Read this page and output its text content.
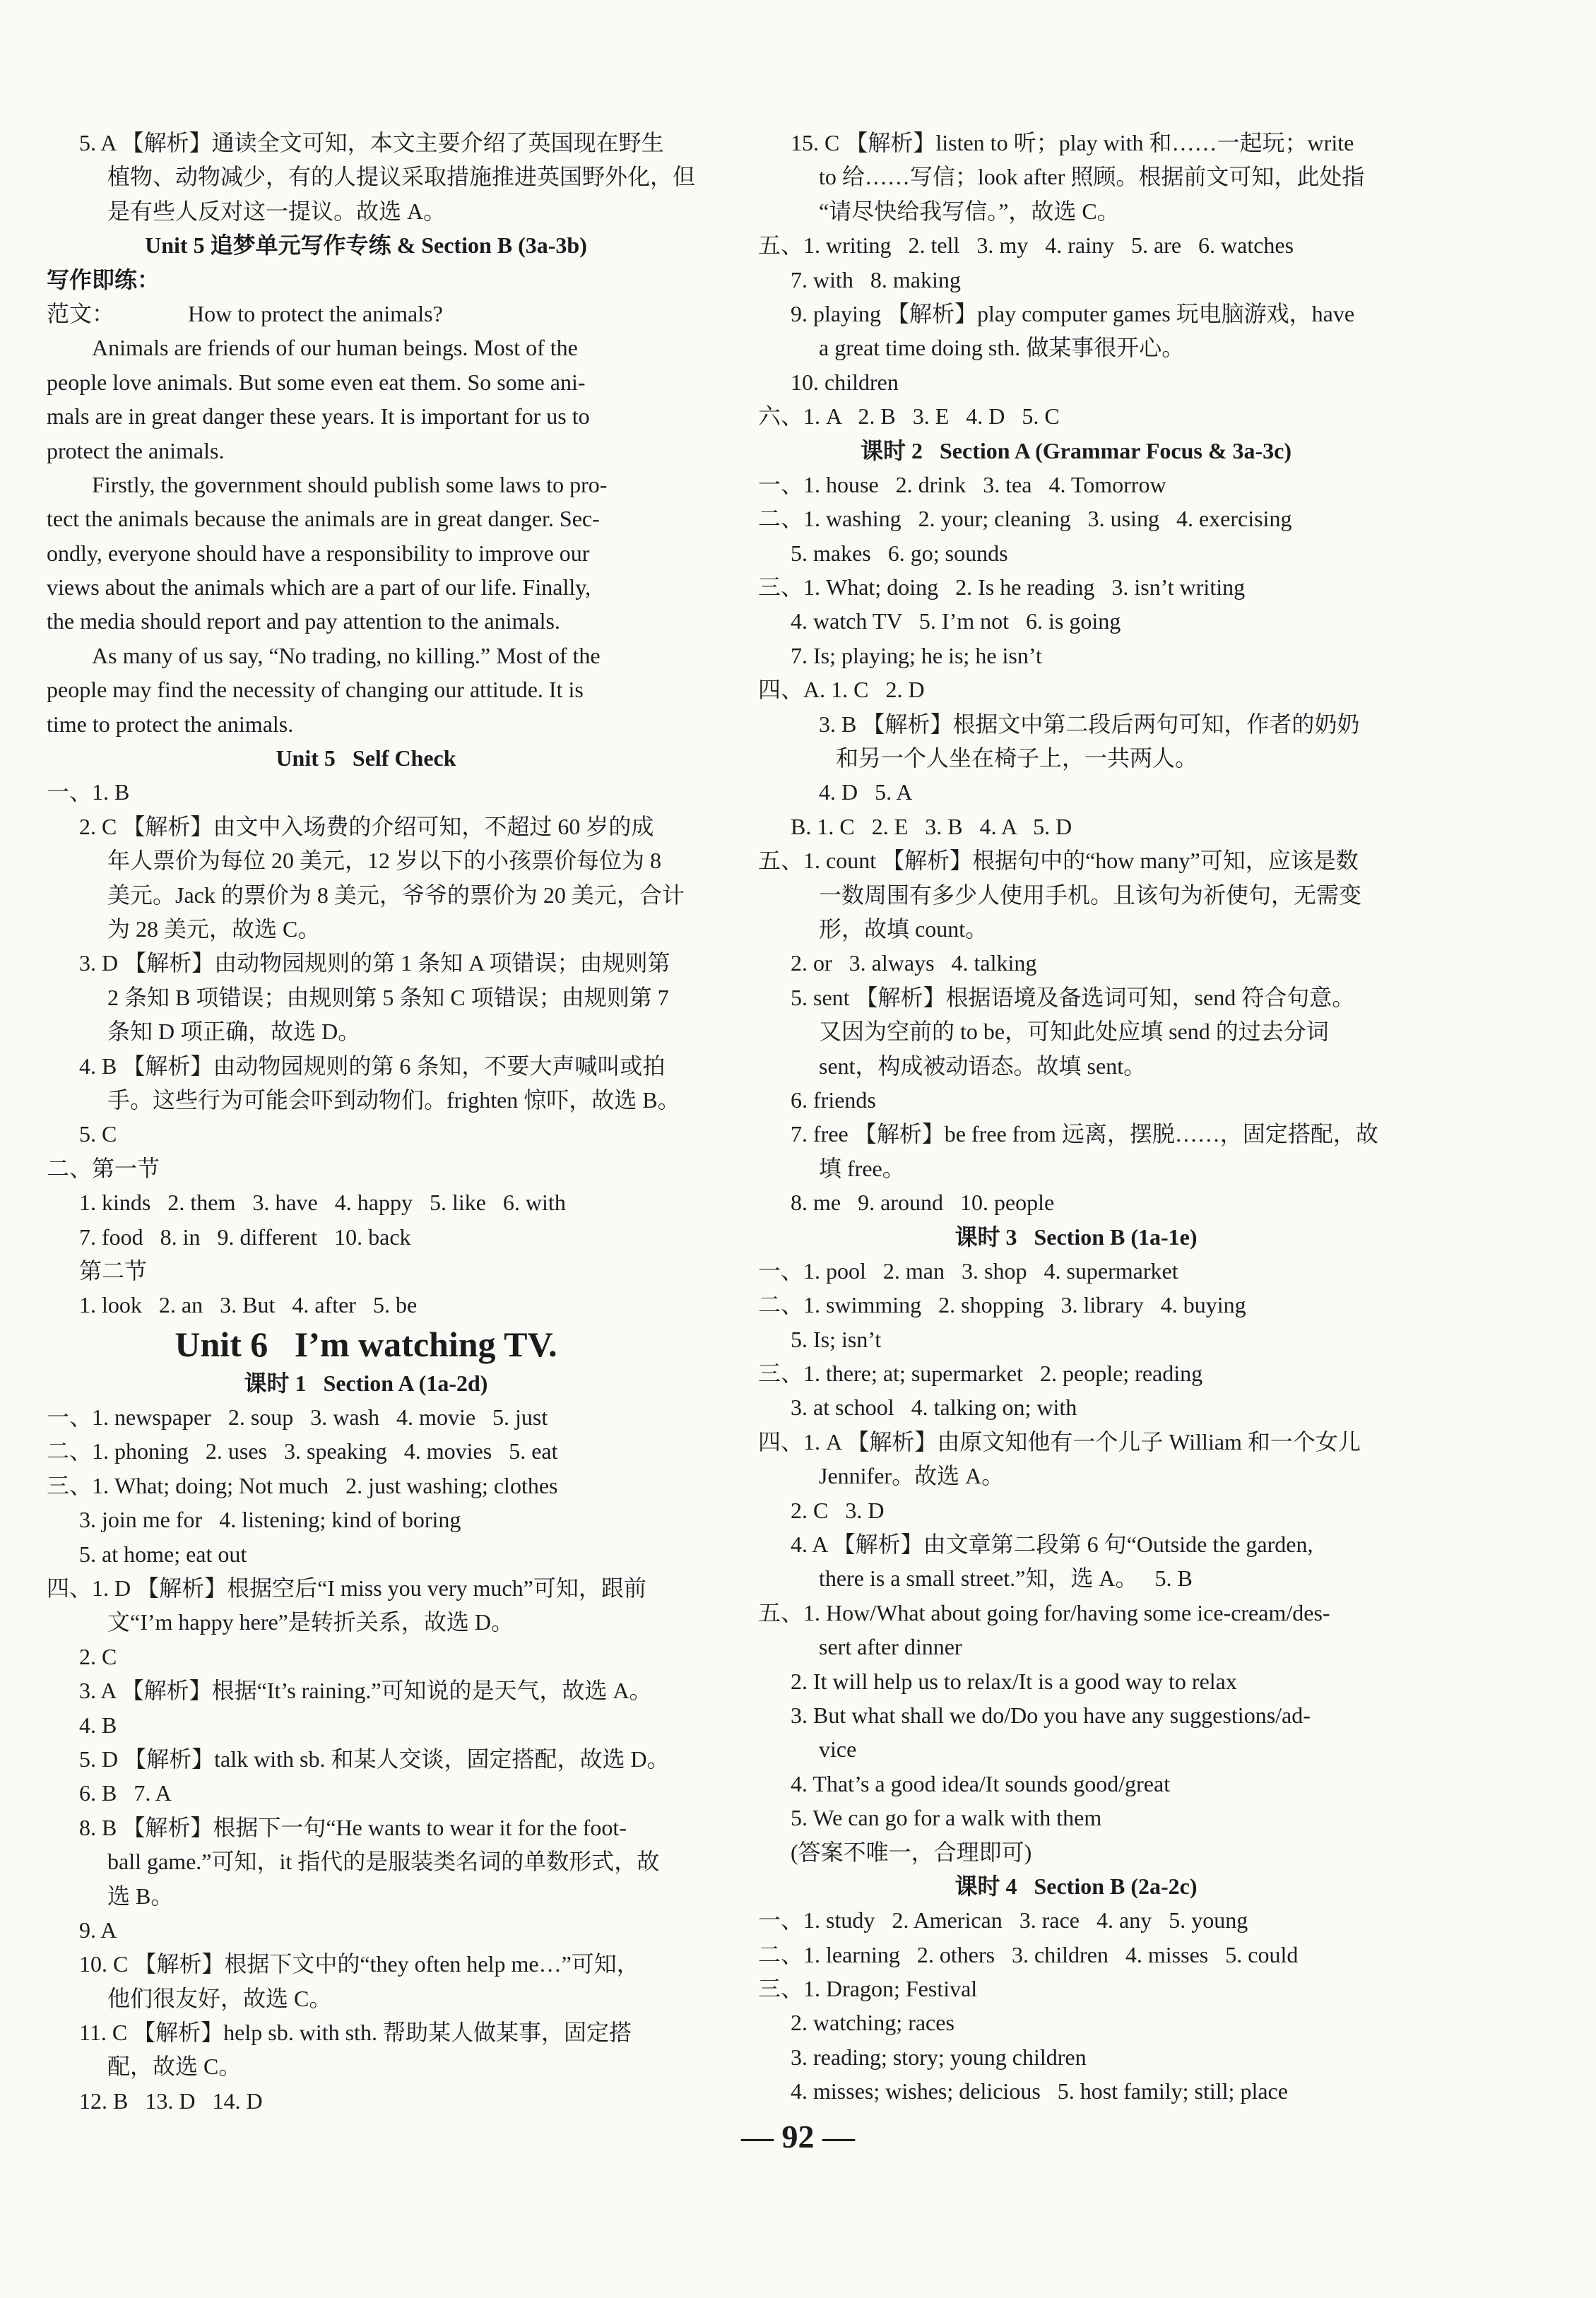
5. A 【解析】通读全文可知，本文主要介绍了英国现在野生
植物、动物减少，有的人提议采取措施推进英国野外化，但
是有些人反对这一提议。故选 A。
Unit 5 追梦单元写作专练 & Section B (3a-3b)
写作即练：
范文：             How to protect the animals?
Animals are friends of our human beings. Most of the
people love animals. But some even eat them. So some ani-
mals are in great danger these years. It is important for us to
protect the animals.
Firstly, the government should publish some laws to pro-
tect the animals because the animals are in great danger. Sec-
ondly, everyone should have a responsibility to improve our
views about the animals which are a part of our life. Finally,
the media should report and pay attention to the animals.
As many of us say, “No trading, no killing.” Most of the
people may find the necessity of changing our attitude. It is
time to protect the animals.
Unit 5   Self Check
一、1. B
2. C 【解析】由文中入场费的介绍可知，不超过 60 岁的成
年人票价为每位 20 美元，12 岁以下的小孩票价每位为 8
美元。Jack 的票价为 8 美元，爷爷的票价为 20 美元，合计
为 28 美元，故选 C。
3. D 【解析】由动物园规则的第 1 条知 A 项错误；由规则第
2 条知 B 项错误；由规则第 5 条知 C 项错误；由规则第 7
条知 D 项正确，故选 D。
4. B 【解析】由动物园规则的第 6 条知，不要大声喊叫或拍
手。这些行为可能会吓到动物们。frighten 惊吓，故选 B。
5. C
二、第一节
1. kinds   2. them   3. have   4. happy   5. like   6. with
7. food   8. in   9. different   10. back
第二节
1. look   2. an   3. But   4. after   5. be
Unit 6   I’m watching TV.
课时 1   Section A (1a-2d)
一、1. newspaper   2. soup   3. wash   4. movie   5. just
二、1. phoning   2. uses   3. speaking   4. movies   5. eat
三、1. What; doing; Not much   2. just washing; clothes
3. join me for   4. listening; kind of boring
5. at home; eat out
四、1. D 【解析】根据空后“I miss you very much”可知，跟前
文“I’m happy here”是转折关系，故选 D。
2. C
3. A 【解析】根据“It’s raining.”可知说的是天气，故选 A。
4. B
5. D 【解析】talk with sb. 和某人交谈，固定搭配，故选 D。
6. B   7. A
8. B 【解析】根据下一句“He wants to wear it for the foot-
ball game.”可知，it 指代的是服装类名词的单数形式，故
选 B。
9. A
10. C 【解析】根据下文中的“they often help me…”可知，
他们很友好，故选 C。
11. C 【解析】help sb. with sth. 帮助某人做某事，固定搭
配，故选 C。
12. B   13. D   14. D
15. C 【解析】listen to 听；play with 和……一起玩；write
to 给……写信；look after 照顾。根据前文可知，此处指
“请尽快给我写信。”，故选 C。
五、1. writing   2. tell   3. my   4. rainy   5. are   6. watches
7. with   8. making
9. playing 【解析】play computer games 玩电脑游戏，have
a great time doing sth. 做某事很开心。
10. children
六、1. A   2. B   3. E   4. D   5. C
课时 2   Section A (Grammar Focus & 3a-3c)
一、1. house   2. drink   3. tea   4. Tomorrow
二、1. washing   2. your; cleaning   3. using   4. exercising
5. makes   6. go; sounds
三、1. What; doing   2. Is he reading   3. isn’t writing
4. watch TV   5. I’m not   6. is going
7. Is; playing; he is; he isn’t
四、A. 1. C   2. D
3. B 【解析】根据文中第二段后两句可知，作者的奶奶
和另一个人坐在椅子上，一共两人。
4. D   5. A
B. 1. C   2. E   3. B   4. A   5. D
五、1. count 【解析】根据句中的“how many”可知，应该是数
一数周围有多少人使用手机。且该句为祈使句，无需变
形，故填 count。
2. or   3. always   4. talking
5. sent 【解析】根据语境及备选词可知，send 符合句意。
又因为空前的 to be，可知此处应填 send 的过去分词
sent，构成被动语态。故填 sent。
6. friends
7. free 【解析】be free from 远离，摆脱……，固定搭配，故
填 free。
8. me   9. around   10. people
课时 3   Section B (1a-1e)
一、1. pool   2. man   3. shop   4. supermarket
二、1. swimming   2. shopping   3. library   4. buying
5. Is; isn’t
三、1. there; at; supermarket   2. people; reading
3. at school   4. talking on; with
四、1. A 【解析】由原文知他有一个儿子 William 和一个女儿
Jennifer。故选 A。
2. C   3. D
4. A 【解析】由文章第二段第 6 句“Outside the garden,
there is a small street.”知，选 A。   5. B
五、1. How/What about going for/having some ice-cream/des-
sert after dinner
2. It will help us to relax/It is a good way to relax
3. But what shall we do/Do you have any suggestions/ad-
vice
4. That’s a good idea/It sounds good/great
5. We can go for a walk with them
(答案不唯一，合理即可)
课时 4   Section B (2a-2c)
一、1. study   2. American   3. race   4. any   5. young
二、1. learning   2. others   3. children   4. misses   5. could
三、1. Dragon; Festival
2. watching; races
3. reading; story; young children
4. misses; wishes; delicious   5. host family; still; place
— 92 —
